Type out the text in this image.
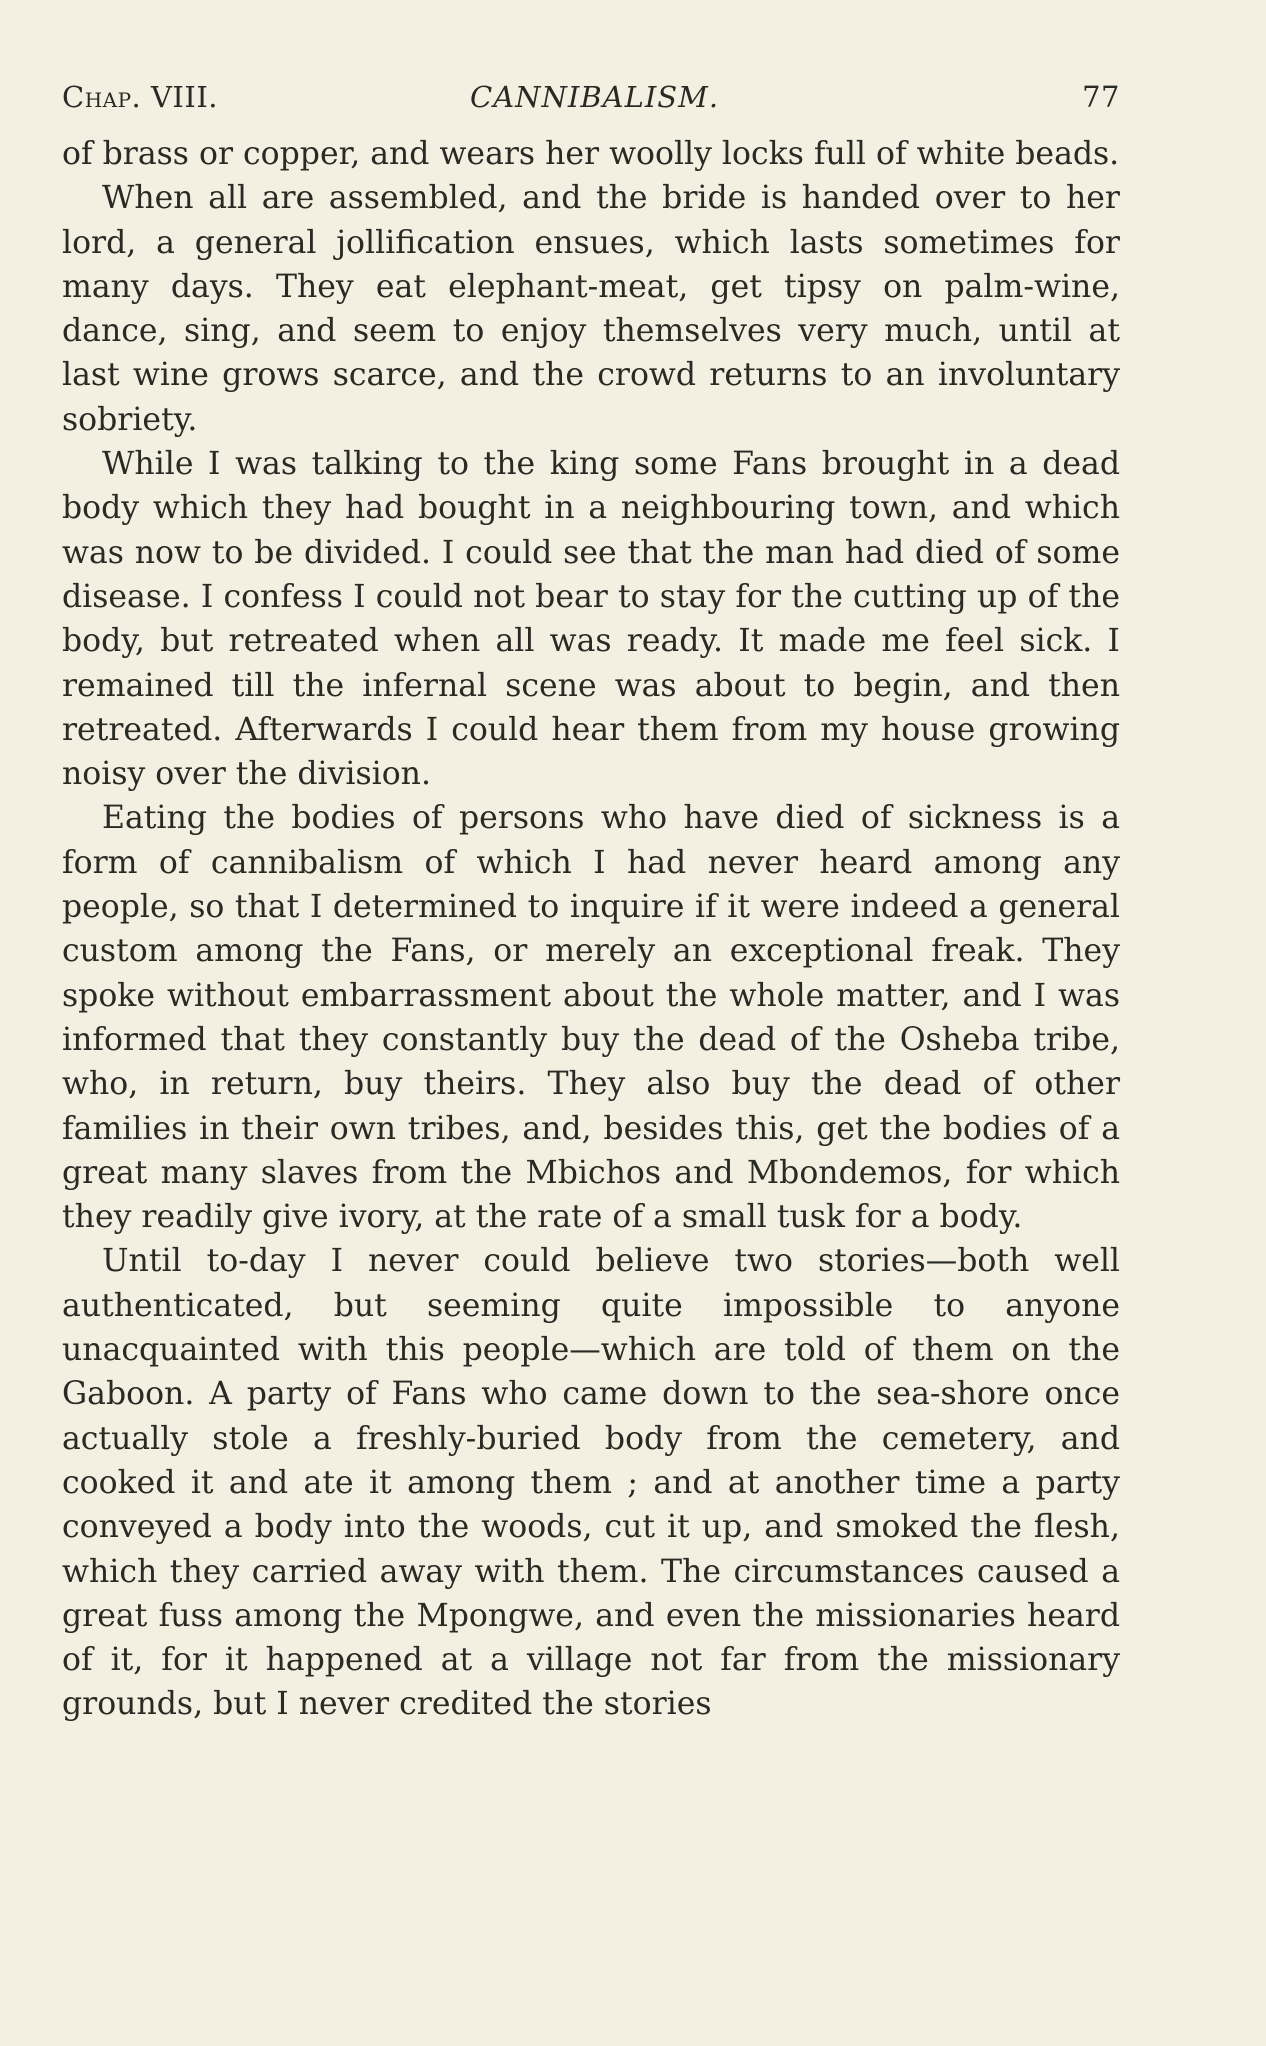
Chap. VIII.	CANNIBALISM.	77

of brass or copper, and wears her woolly locks full of white beads.

When all are assembled, and the bride is handed over to her lord, a general jollification ensues, which lasts sometimes for many days. They eat elephant-meat, get tipsy on palm-wine, dance, sing, and seem to enjoy themselves very much, until at last wine grows scarce, and the crowd returns to an involuntary sobriety.

While I was talking to the king some Fans brought in a dead body which they had bought in a neighbouring town, and which was now to be divided. I could see that the man had died of some disease. I confess I could not bear to stay for the cutting up of the body, but retreated when all was ready. It made me feel sick. I remained till the infernal scene was about to begin, and then retreated. Afterwards I could hear them from my house growing noisy over the division.

Eating the bodies of persons who have died of sickness is a form of cannibalism of which I had never heard among any people, so that I determined to inquire if it were indeed a general custom among the Fans, or merely an exceptional freak. They spoke without embarrassment about the whole matter, and I was informed that they constantly buy the dead of the Osheba tribe, who, in return, buy theirs. They also buy the dead of other families in their own tribes, and, besides this, get the bodies of a great many slaves from the Mbichos and Mbondemos, for which they readily give ivory, at the rate of a small tusk for a body.

Until to-day I never could believe two stories—both well authenticated, but seeming quite impossible to anyone unacquainted with this people—which are told of them on the Gaboon. A party of Fans who came down to the sea-shore once actually stole a freshly-buried body from the cemetery, and cooked it and ate it among them ; and at another time a party conveyed a body into the woods, cut it up, and smoked the flesh, which they carried away with them. The circumstances caused a great fuss among the Mpongwe, and even the missionaries heard of it, for it happened at a village not far from the missionary grounds, but I never credited the stories
